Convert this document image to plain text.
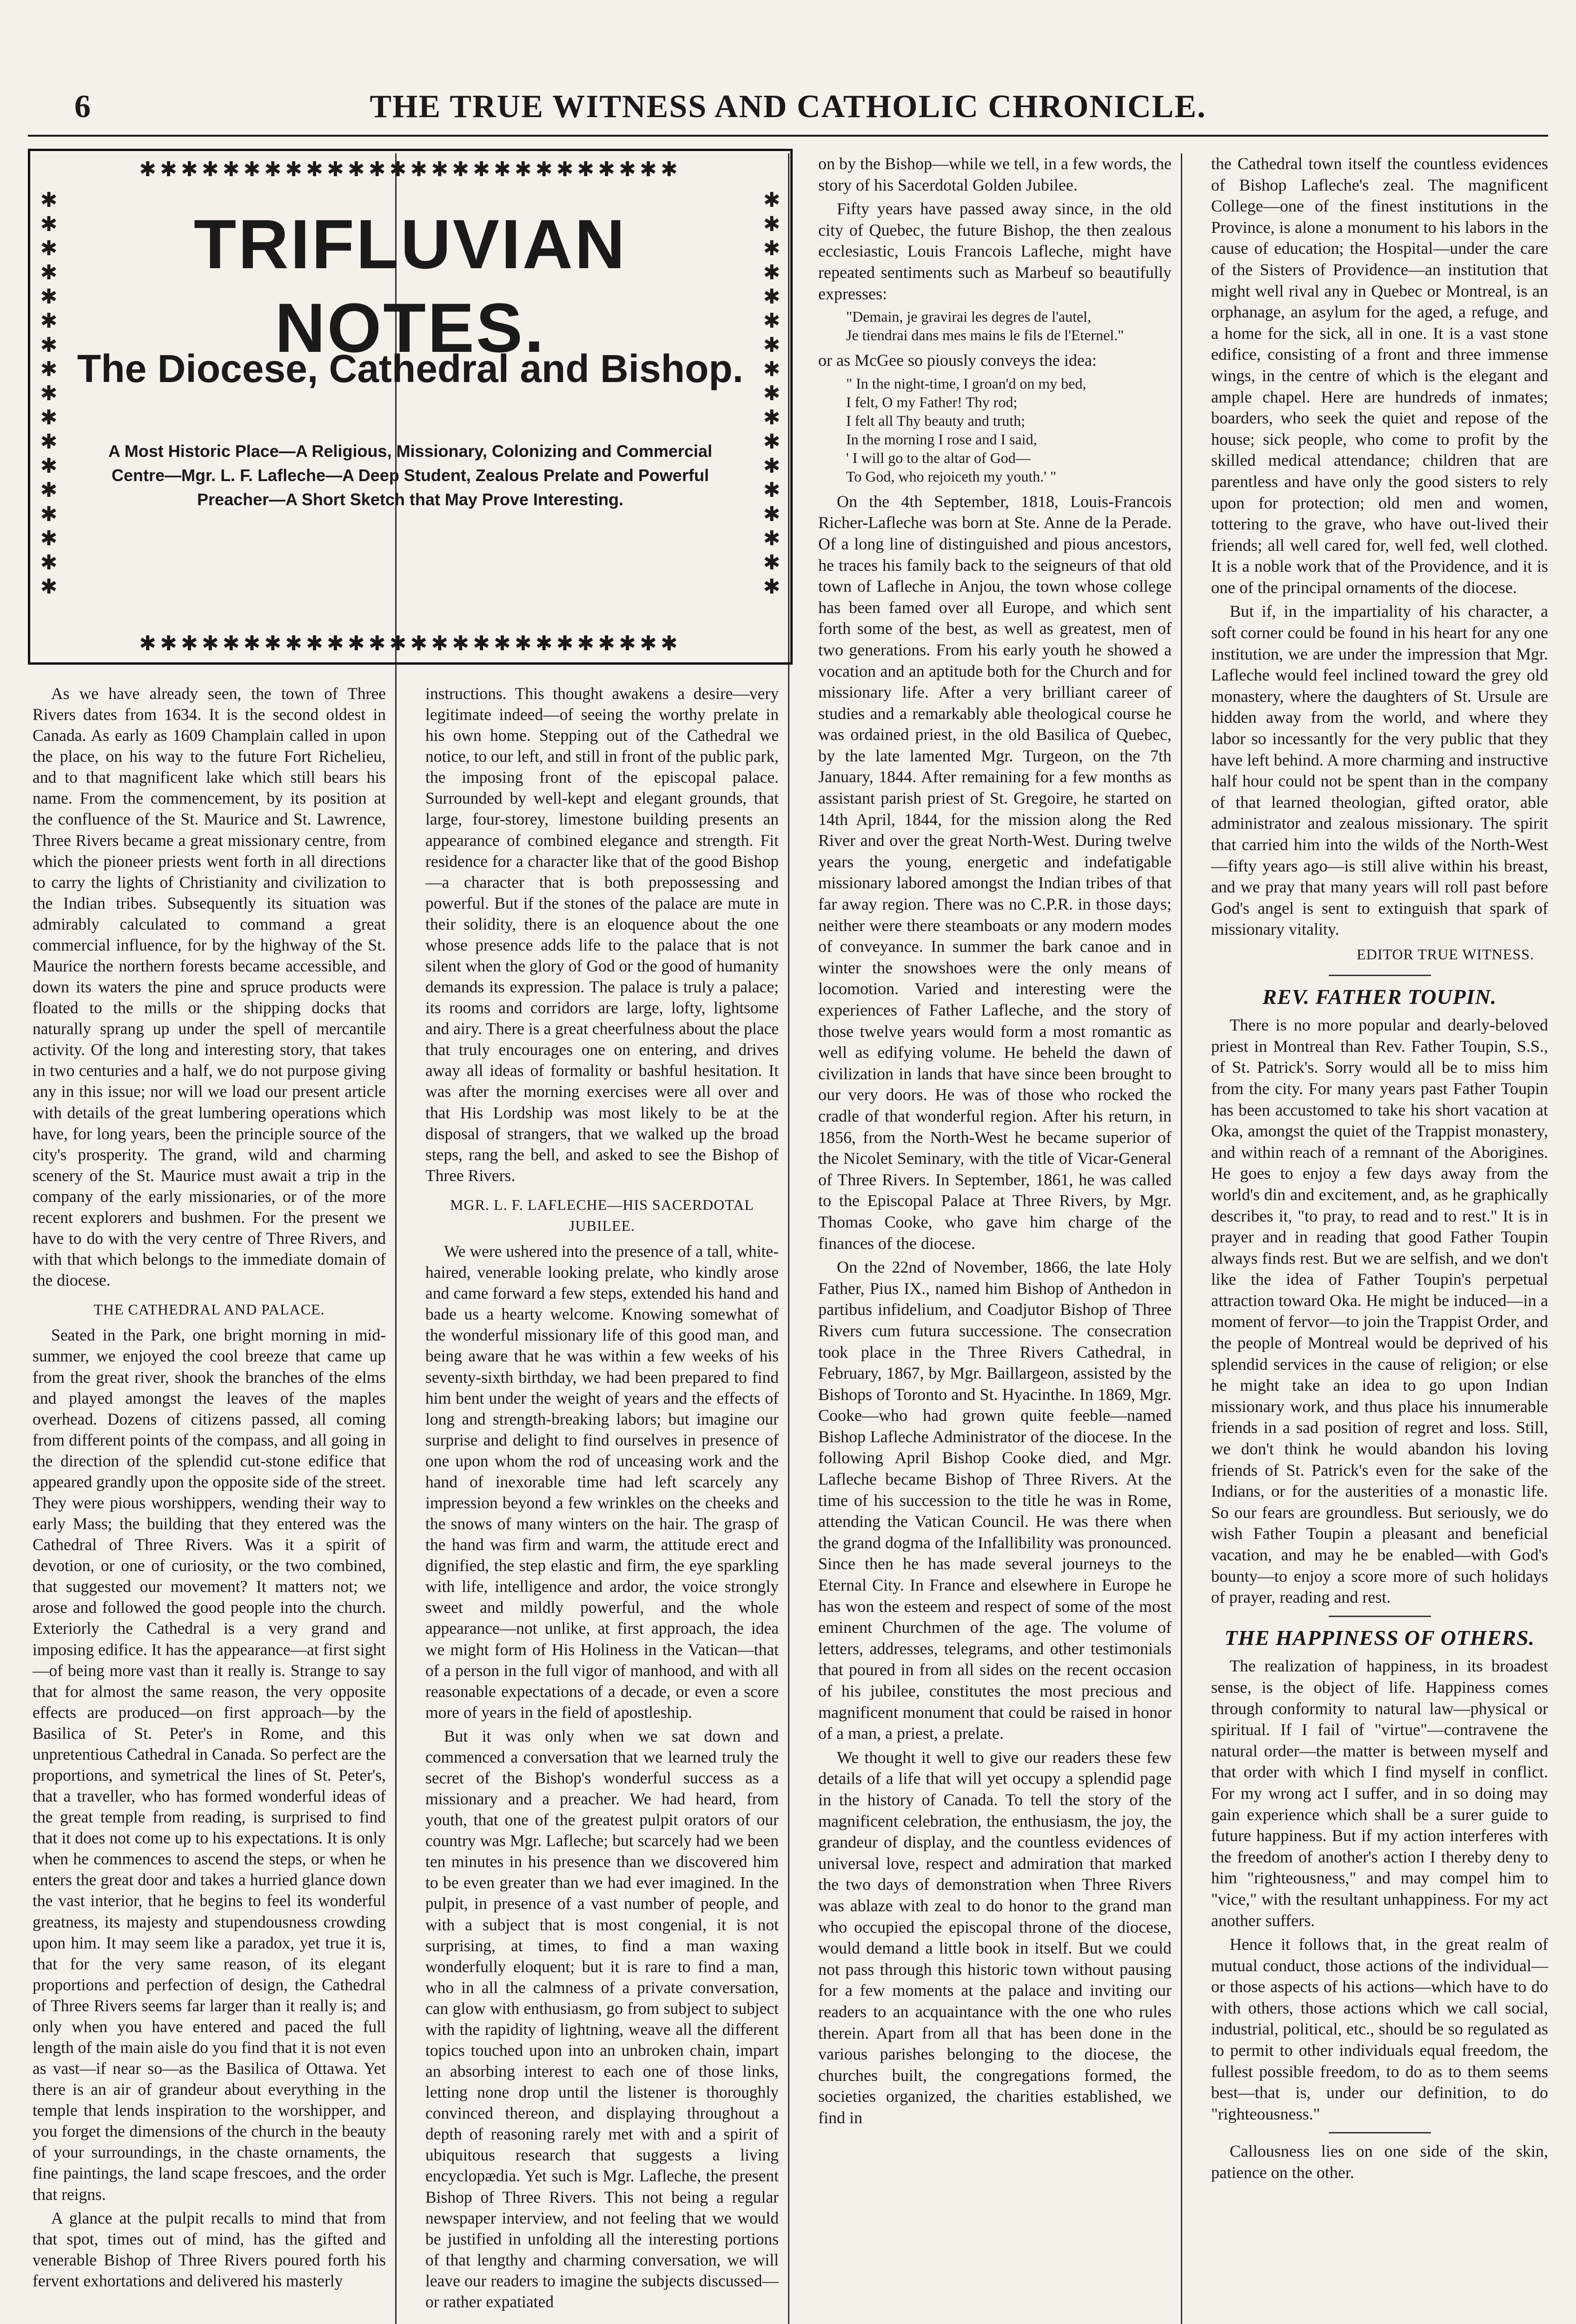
6	THE TRUE WITNESS AND CATHOLIC CHRONICLE.
✱✱✱✱✱✱✱✱✱✱✱✱✱✱✱✱✱✱✱✱✱✱✱✱✱✱
✱✱✱✱✱✱✱✱✱✱✱✱✱✱✱✱✱✱✱✱✱✱✱✱✱✱
✱✱✱✱✱✱✱✱✱✱✱✱✱✱✱✱✱
✱✱✱✱✱✱✱✱✱✱✱✱✱✱✱✱✱
TRIFLUVIAN NOTES.
The Diocese, Cathedral and Bishop.
A Most Historic Place—A Religious, Missionary, Colonizing and Commercial Centre—Mgr. L. F. Lafleche—A Deep Student, Zealous Prelate and Powerful Preacher—A Short Sketch that May Prove Interesting.

As we have already seen, the town of Three Rivers dates from 1634. It is the second oldest in Canada. As early as 1609 Champlain called in upon the place, on his way to the future Fort Richelieu, and to that magnificent lake which still bears his name. From the commencement, by its position at the confluence of the St. Maurice and St. Lawrence, Three Rivers became a great missionary centre, from which the pioneer priests went forth in all directions to carry the lights of Christianity and civilization to the Indian tribes. Subsequently its situation was admirably calculated to command a great commercial influence, for by the highway of the St. Maurice the northern forests became accessible, and down its waters the pine and spruce products were floated to the mills or the shipping docks that naturally sprang up under the spell of mercantile activity. Of the long and interesting story, that takes in two centuries and a half, we do not purpose giving any in this issue; nor will we load our present article with details of the great lumbering operations which have, for long years, been the principle source of the city's prosperity. The grand, wild and charming scenery of the St. Maurice must await a trip in the company of the early missionaries, or of the more recent explorers and bushmen. For the present we have to do with the very centre of Three Rivers, and with that which belongs to the immediate domain of the diocese.

THE CATHEDRAL AND PALACE.

Seated in the Park, one bright morning in mid-summer, we enjoyed the cool breeze that came up from the great river, shook the branches of the elms and played amongst the leaves of the maples overhead. Dozens of citizens passed, all coming from different points of the compass, and all going in the direction of the splendid cut-stone edifice that appeared grandly upon the opposite side of the street. They were pious worshippers, wending their way to early Mass; the building that they entered was the Cathedral of Three Rivers. Was it a spirit of devotion, or one of curiosity, or the two combined, that suggested our movement? It matters not; we arose and followed the good people into the church. Exteriorly the Cathedral is a very grand and imposing edifice. It has the appearance—at first sight—of being more vast than it really is. Strange to say that for almost the same reason, the very opposite effects are produced—on first approach—by the Basilica of St. Peter's in Rome, and this unpretentious Cathedral in Canada. So perfect are the proportions, and symetrical the lines of St. Peter's, that a traveller, who has formed wonderful ideas of the great temple from reading, is surprised to find that it does not come up to his expectations. It is only when he commences to ascend the steps, or when he enters the great door and takes a hurried glance down the vast interior, that he begins to feel its wonderful greatness, its majesty and stupendousness crowding upon him. It may seem like a paradox, yet true it is, that for the very same reason, of its elegant proportions and perfection of design, the Cathedral of Three Rivers seems far larger than it really is; and only when you have entered and paced the full length of the main aisle do you find that it is not even as vast—if near so—as the Basilica of Ottawa. Yet there is an air of grandeur about everything in the temple that lends inspiration to the worshipper, and you forget the dimensions of the church in the beauty of your surroundings, in the chaste ornaments, the fine paintings, the land scape frescoes, and the order that reigns.

A glance at the pulpit recalls to mind that from that spot, times out of mind, has the gifted and venerable Bishop of Three Rivers poured forth his fervent exhortations and delivered his masterly

instructions. This thought awakens a desire—very legitimate indeed—of seeing the worthy prelate in his own home. Stepping out of the Cathedral we notice, to our left, and still in front of the public park, the imposing front of the episcopal palace. Surrounded by well-kept and elegant grounds, that large, four-storey, limestone building presents an appearance of combined elegance and strength. Fit residence for a character like that of the good Bishop—a character that is both prepossessing and powerful. But if the stones of the palace are mute in their solidity, there is an eloquence about the one whose presence adds life to the palace that is not silent when the glory of God or the good of humanity demands its expression. The palace is truly a palace; its rooms and corridors are large, lofty, lightsome and airy. There is a great cheerfulness about the place that truly encourages one on entering, and drives away all ideas of formality or bashful hesitation. It was after the morning exercises were all over and that His Lordship was most likely to be at the disposal of strangers, that we walked up the broad steps, rang the bell, and asked to see the Bishop of Three Rivers.

MGR. L. F. LAFLECHE—HIS SACERDOTAL JUBILEE.

We were ushered into the presence of a tall, white-haired, venerable looking prelate, who kindly arose and came forward a few steps, extended his hand and bade us a hearty welcome. Knowing somewhat of the wonderful missionary life of this good man, and being aware that he was within a few weeks of his seventy-sixth birthday, we had been prepared to find him bent under the weight of years and the effects of long and strength-breaking labors; but imagine our surprise and delight to find ourselves in presence of one upon whom the rod of unceasing work and the hand of inexorable time had left scarcely any impression beyond a few wrinkles on the cheeks and the snows of many winters on the hair. The grasp of the hand was firm and warm, the attitude erect and dignified, the step elastic and firm, the eye sparkling with life, intelligence and ardor, the voice strongly sweet and mildly powerful, and the whole appearance—not unlike, at first approach, the idea we might form of His Holiness in the Vatican—that of a person in the full vigor of manhood, and with all reasonable expectations of a decade, or even a score more of years in the field of apostleship.

But it was only when we sat down and commenced a conversation that we learned truly the secret of the Bishop's wonderful success as a missionary and a preacher. We had heard, from youth, that one of the greatest pulpit orators of our country was Mgr. Lafleche; but scarcely had we been ten minutes in his presence than we discovered him to be even greater than we had ever imagined. In the pulpit, in presence of a vast number of people, and with a subject that is most congenial, it is not surprising, at times, to find a man waxing wonderfully eloquent; but it is rare to find a man, who in all the calmness of a private conversation, can glow with enthusiasm, go from subject to subject with the rapidity of lightning, weave all the different topics touched upon into an unbroken chain, impart an absorbing interest to each one of those links, letting none drop until the listener is thoroughly convinced thereon, and displaying throughout a depth of reasoning rarely met with and a spirit of ubiquitous research that suggests a living encyclopædia. Yet such is Mgr. Lafleche, the present Bishop of Three Rivers. This not being a regular newspaper interview, and not feeling that we would be justified in unfolding all the interesting portions of that lengthy and charming conversation, we will leave our readers to imagine the subjects discussed—or rather expatiated

on by the Bishop—while we tell, in a few words, the story of his Sacerdotal Golden Jubilee.

Fifty years have passed away since, in the old city of Quebec, the future Bishop, the then zealous ecclesiastic, Louis Francois Lafleche, might have repeated sentiments such as Marbeuf so beautifully expresses:

"Demain, je gravirai les degres de l'autel,
Je tiendrai dans mes mains le fils de l'Eternel."

or as McGee so piously conveys the idea:

" In the night-time, I groan'd on my bed,
I felt, O my Father! Thy rod;
I felt all Thy beauty and truth;
In the morning I rose and I said,
' I will go to the altar of God—
To God, who rejoiceth my youth.' "

On the 4th September, 1818, Louis-Francois Richer-Lafleche was born at Ste. Anne de la Perade. Of a long line of distinguished and pious ancestors, he traces his family back to the seigneurs of that old town of Lafleche in Anjou, the town whose college has been famed over all Europe, and which sent forth some of the best, as well as greatest, men of two generations. From his early youth he showed a vocation and an aptitude both for the Church and for missionary life. After a very brilliant career of studies and a remarkably able theological course he was ordained priest, in the old Basilica of Quebec, by the late lamented Mgr. Turgeon, on the 7th January, 1844. After remaining for a few months as assistant parish priest of St. Gregoire, he started on 14th April, 1844, for the mission along the Red River and over the great North-West. During twelve years the young, energetic and indefatigable missionary labored amongst the Indian tribes of that far away region. There was no C.P.R. in those days; neither were there steamboats or any modern modes of conveyance. In summer the bark canoe and in winter the snowshoes were the only means of locomotion. Varied and interesting were the experiences of Father Lafleche, and the story of those twelve years would form a most romantic as well as edifying volume. He beheld the dawn of civilization in lands that have since been brought to our very doors. He was of those who rocked the cradle of that wonderful region. After his return, in 1856, from the North-West he became superior of the Nicolet Seminary, with the title of Vicar-General of Three Rivers. In September, 1861, he was called to the Episcopal Palace at Three Rivers, by Mgr. Thomas Cooke, who gave him charge of the finances of the diocese.

On the 22nd of November, 1866, the late Holy Father, Pius IX., named him Bishop of Anthedon in partibus infidelium, and Coadjutor Bishop of Three Rivers cum futura successione. The consecration took place in the Three Rivers Cathedral, in February, 1867, by Mgr. Baillargeon, assisted by the Bishops of Toronto and St. Hyacinthe. In 1869, Mgr. Cooke—who had grown quite feeble—named Bishop Lafleche Administrator of the diocese. In the following April Bishop Cooke died, and Mgr. Lafleche became Bishop of Three Rivers. At the time of his succession to the title he was in Rome, attending the Vatican Council. He was there when the grand dogma of the Infallibility was pronounced. Since then he has made several journeys to the Eternal City. In France and elsewhere in Europe he has won the esteem and respect of some of the most eminent Churchmen of the age. The volume of letters, addresses, telegrams, and other testimonials that poured in from all sides on the recent occasion of his jubilee, constitutes the most precious and magnificent monument that could be raised in honor of a man, a priest, a prelate.

We thought it well to give our readers these few details of a life that will yet occupy a splendid page in the history of Canada. To tell the story of the magnificent celebration, the enthusiasm, the joy, the grandeur of display, and the countless evidences of universal love, respect and admiration that marked the two days of demonstration when Three Rivers was ablaze with zeal to do honor to the grand man who occupied the episcopal throne of the diocese, would demand a little book in itself. But we could not pass through this historic town without pausing for a few moments at the palace and inviting our readers to an acquaintance with the one who rules therein. Apart from all that has been done in the various parishes belonging to the diocese, the churches built, the congregations formed, the societies organized, the charities established, we find in

the Cathedral town itself the countless evidences of Bishop Lafleche's zeal. The magnificent College—one of the finest institutions in the Province, is alone a monument to his labors in the cause of education; the Hospital—under the care of the Sisters of Providence—an institution that might well rival any in Quebec or Montreal, is an orphanage, an asylum for the aged, a refuge, and a home for the sick, all in one. It is a vast stone edifice, consisting of a front and three immense wings, in the centre of which is the elegant and ample chapel. Here are hundreds of inmates; boarders, who seek the quiet and repose of the house; sick people, who come to profit by the skilled medical attendance; children that are parentless and have only the good sisters to rely upon for protection; old men and women, tottering to the grave, who have out-lived their friends; all well cared for, well fed, well clothed. It is a noble work that of the Providence, and it is one of the principal ornaments of the diocese.

But if, in the impartiality of his character, a soft corner could be found in his heart for any one institution, we are under the impression that Mgr. Lafleche would feel inclined toward the grey old monastery, where the daughters of St. Ursule are hidden away from the world, and where they labor so incessantly for the very public that they have left behind. A more charming and instructive half hour could not be spent than in the company of that learned theologian, gifted orator, able administrator and zealous missionary. The spirit that carried him into the wilds of the North-West—fifty years ago—is still alive within his breast, and we pray that many years will roll past before God's angel is sent to extinguish that spark of missionary vitality.

EDITOR TRUE WITNESS.

REV. FATHER TOUPIN.

There is no more popular and dearly-beloved priest in Montreal than Rev. Father Toupin, S.S., of St. Patrick's. Sorry would all be to miss him from the city. For many years past Father Toupin has been accustomed to take his short vacation at Oka, amongst the quiet of the Trappist monastery, and within reach of a remnant of the Aborigines. He goes to enjoy a few days away from the world's din and excitement, and, as he graphically describes it, "to pray, to read and to rest." It is in prayer and in reading that good Father Toupin always finds rest. But we are selfish, and we don't like the idea of Father Toupin's perpetual attraction toward Oka. He might be induced—in a moment of fervor—to join the Trappist Order, and the people of Montreal would be deprived of his splendid services in the cause of religion; or else he might take an idea to go upon Indian missionary work, and thus place his innumerable friends in a sad position of regret and loss. Still, we don't think he would abandon his loving friends of St. Patrick's even for the sake of the Indians, or for the austerities of a monastic life. So our fears are groundless. But seriously, we do wish Father Toupin a pleasant and beneficial vacation, and may he be enabled—with God's bounty—to enjoy a score more of such holidays of prayer, reading and rest.

THE HAPPINESS OF OTHERS.

The realization of happiness, in its broadest sense, is the object of life. Happiness comes through conformity to natural law—physical or spiritual. If I fail of "virtue"—contravene the natural order—the matter is between myself and that order with which I find myself in conflict. For my wrong act I suffer, and in so doing may gain experience which shall be a surer guide to future happiness. But if my action interferes with the freedom of another's action I thereby deny to him "righteousness," and may compel him to "vice," with the resultant unhappiness. For my act another suffers.

Hence it follows that, in the great realm of mutual conduct, those actions of the individual—or those aspects of his actions—which have to do with others, those actions which we call social, industrial, political, etc., should be so regulated as to permit to other individuals equal freedom, the fullest possible freedom, to do as to them seems best—that is, under our definition, to do "righteousness."

Callousness lies on one side of the skin, patience on the other.
